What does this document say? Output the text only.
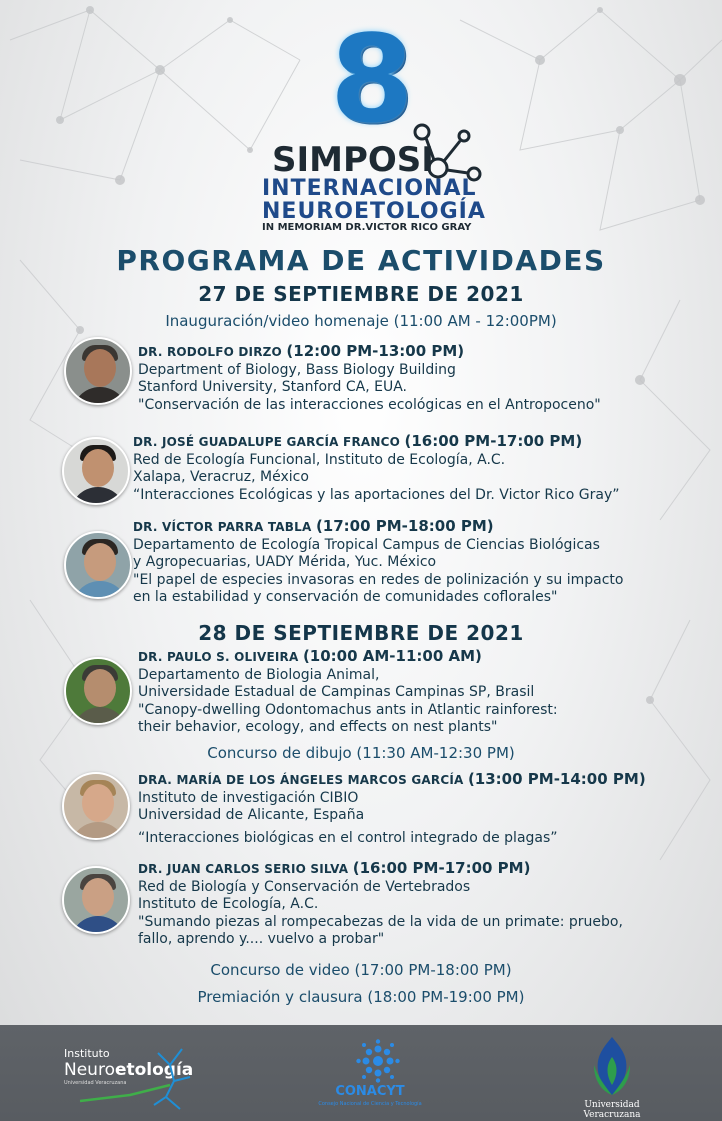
8
SIMPOSI
INTERNACIONAL
NEUROETOLOGÍA
IN MEMORIAM DR.VICTOR RICO GRAY
PROGRAMA DE ACTIVIDADES
27 DE SEPTIEMBRE DE 2021
Inauguración/video homenaje (11:00 AM - 12:00PM)
DR. RODOLFO DIRZO (12:00 PM-13:00 PM)
Department of Biology, Bass Biology Building
Stanford University, Stanford CA, EUA.
"Conservación de las interacciones ecológicas en el Antropoceno"
DR. JOSÉ GUADALUPE GARCÍA FRANCO (16:00 PM-17:00 PM)
Red de Ecología Funcional, Instituto de Ecología, A.C.
Xalapa, Veracruz, México
“Interacciones Ecológicas y las aportaciones del Dr. Victor Rico Gray”
DR. VÍCTOR PARRA TABLA (17:00 PM-18:00 PM)
Departamento de Ecología Tropical Campus de Ciencias Biológicas
y Agropecuarias, UADY Mérida, Yuc. México
"El papel de especies invasoras en redes de polinización y su impacto
en la estabilidad y conservación de comunidades coflorales"
28 DE SEPTIEMBRE DE 2021
DR. PAULO S. OLIVEIRA (10:00 AM-11:00 AM)
Departamento de Biologia Animal,
Universidade Estadual de Campinas Campinas SP, Brasil
"Canopy-dwelling Odontomachus ants in Atlantic rainforest:
their behavior, ecology, and effects on nest plants"
Concurso de dibujo (11:30 AM-12:30 PM)
DRA. MARÍA DE LOS ÁNGELES MARCOS GARCÍA (13:00 PM-14:00 PM)
Instituto de investigación CIBIO
Universidad de Alicante, España
“Interacciones biológicas en el control integrado de plagas”
DR. JUAN CARLOS SERIO SILVA (16:00 PM-17:00 PM)
Red de Biología y Conservación de Vertebrados
Instituto de Ecología, A.C.
"Sumando piezas al rompecabezas de la vida de un primate: pruebo,
fallo, aprendo y.... vuelvo a probar"
Concurso de video (17:00 PM-18:00 PM)
Premiación y clausura (18:00 PM-19:00 PM)
Instituto
Neuroetología
Universidad Veracruzana
CONACYT
Consejo Nacional de Ciencia y Tecnología	Universidad Veracruzana
